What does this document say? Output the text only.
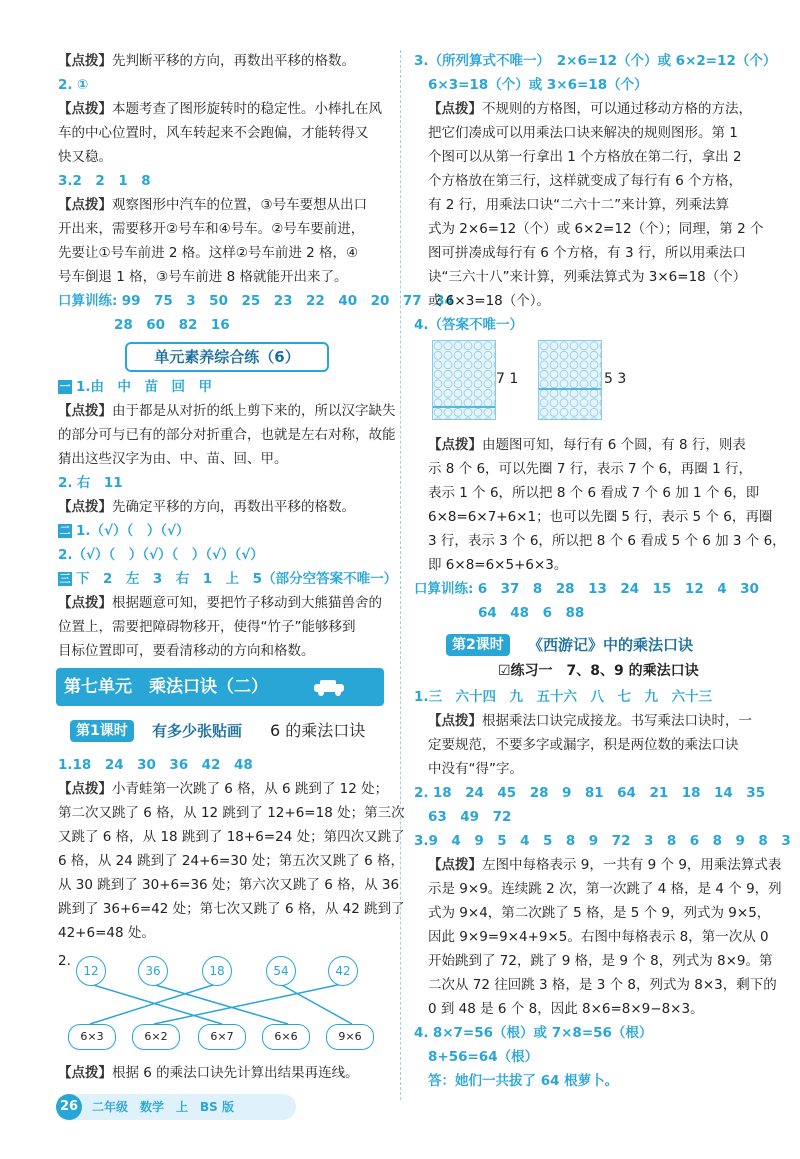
【点拨】先判断平移的方向，再数出平移的格数。
2. ①
【点拨】本题考查了图形旋转时的稳定性。小棒扎在风
车的中心位置时，风车转起来不会跑偏，才能转得又
快又稳。
3.2　2　1　8
【点拨】观察图形中汽车的位置，③号车要想从出口
开出来，需要移开②号车和④号车。②号车要前进，
先要让①号车前进 2 格。这样②号车前进 2 格，④
号车倒退 1 格，③号车前进 8 格就能开出来了。
口算训练: 99　75　3　50　25　23　22　40　20　77　34
28　60　82　16
单元素养综合练（6）
一 1.由　中　苗　回　甲
【点拨】由于都是从对折的纸上剪下来的，所以汉字缺失
的部分可与已有的部分对折重合，也就是左右对称，故能
猜出这些汉字为由、中、苗、回、甲。
2. 右　11
【点拨】先确定平移的方向，再数出平移的格数。
二 1.（√）（　）（√）
2.（√）（　）（√）（　）（√）（√）
三 下　2　左　3　右　1　上　5（部分空答案不唯一）
【点拨】根据题意可知，要把竹子移动到大熊猫兽舍的
位置上，需要把障碍物移开，使得“竹子”能够移到
目标位置即可，要看清移动的方向和格数。
第七单元　乘法口诀（二）
第1课时	有多少张贴画 6 的乘法口诀
1.18　24　30　36　42　48
【点拨】小青蛙第一次跳了 6 格，从 6 跳到了 12 处；
第二次又跳了 6 格，从 12 跳到了 12+6=18 处；第三次
又跳了 6 格，从 18 跳到了 18+6=24 处；第四次又跳了
6 格，从 24 跳到了 24+6=30 处；第五次又跳了 6 格，
从 30 跳到了 30+6=36 处；第六次又跳了 6 格，从 36
跳到了 36+6=42 处；第七次又跳了 6 格，从 42 跳到了
42+6=48 处。
2.
12	36	18	54	42
6×3	6×2	6×7	6×6	9×6
【点拨】根据 6 的乘法口诀先计算出结果再连线。
3.（所列算式不唯一）　2×6=12（个）或 6×2=12（个）
6×3=18（个）或 3×6=18（个）
【点拨】不规则的方格图，可以通过移动方格的方法，
把它们凑成可以用乘法口诀来解决的规则图形。第 1
个图可以从第一行拿出 1 个方格放在第二行，拿出 2
个方格放在第三行，这样就变成了每行有 6 个方格，
有 2 行，用乘法口诀“二六十二”来计算，列乘法算
式为 2×6=12（个）或 6×2=12（个）；同理，第 2 个
图可拼凑成每行有 6 个方格，有 3 行，所以用乘法口
诀“三六十八”来计算，列乘法算式为 3×6=18（个）
或 6×3=18（个）。
4.（答案不唯一）
7 1	5 3
【点拨】由题图可知，每行有 6 个圆，有 8 行，则表
示 8 个 6，可以先圈 7 行，表示 7 个 6，再圈 1 行，
表示 1 个 6，所以把 8 个 6 看成 7 个 6 加 1 个 6，即
6×8=6×7+6×1；也可以先圈 5 行，表示 5 个 6，再圈
3 行，表示 3 个 6，所以把 8 个 6 看成 5 个 6 加 3 个 6，
即 6×8=6×5+6×3。
口算训练: 6　37　8　28　13　24　15　12　4　30
64　48　6　88
第2课时	《西游记》中的乘法口诀
☑练习一　7、8、9 的乘法口诀
1.三　六十四　九　五十六　八　七　九　六十三
【点拨】根据乘法口诀完成接龙。书写乘法口诀时，一
定要规范，不要多字或漏字，积是两位数的乘法口诀
中没有“得”字。
2. 18　24　45　28　9　81　64　21　18　14　35
63　49　72
3.9　4　9　5　4　5　8　9　72　3　8　6　8　9　8　3
【点拨】左图中每格表示 9，一共有 9 个 9，用乘法算式表
示是 9×9。连续跳 2 次，第一次跳了 4 格，是 4 个 9，列
式为 9×4，第二次跳了 5 格，是 5 个 9，列式为 9×5，
因此 9×9=9×4+9×5。右图中每格表示 8，第一次从 0
开始跳到了 72，跳了 9 格，是 9 个 8，列式为 8×9。第
二次从 72 往回跳 3 格，是 3 个 8，列式为 8×3，剩下的
0 到 48 是 6 个 8，因此 8×6=8×9−8×3。
4. 8×7=56（根）或 7×8=56（根）
8+56=64（根）
答：她们一共拔了 64 根萝卜。
26	二年级　数学　上　BS 版
